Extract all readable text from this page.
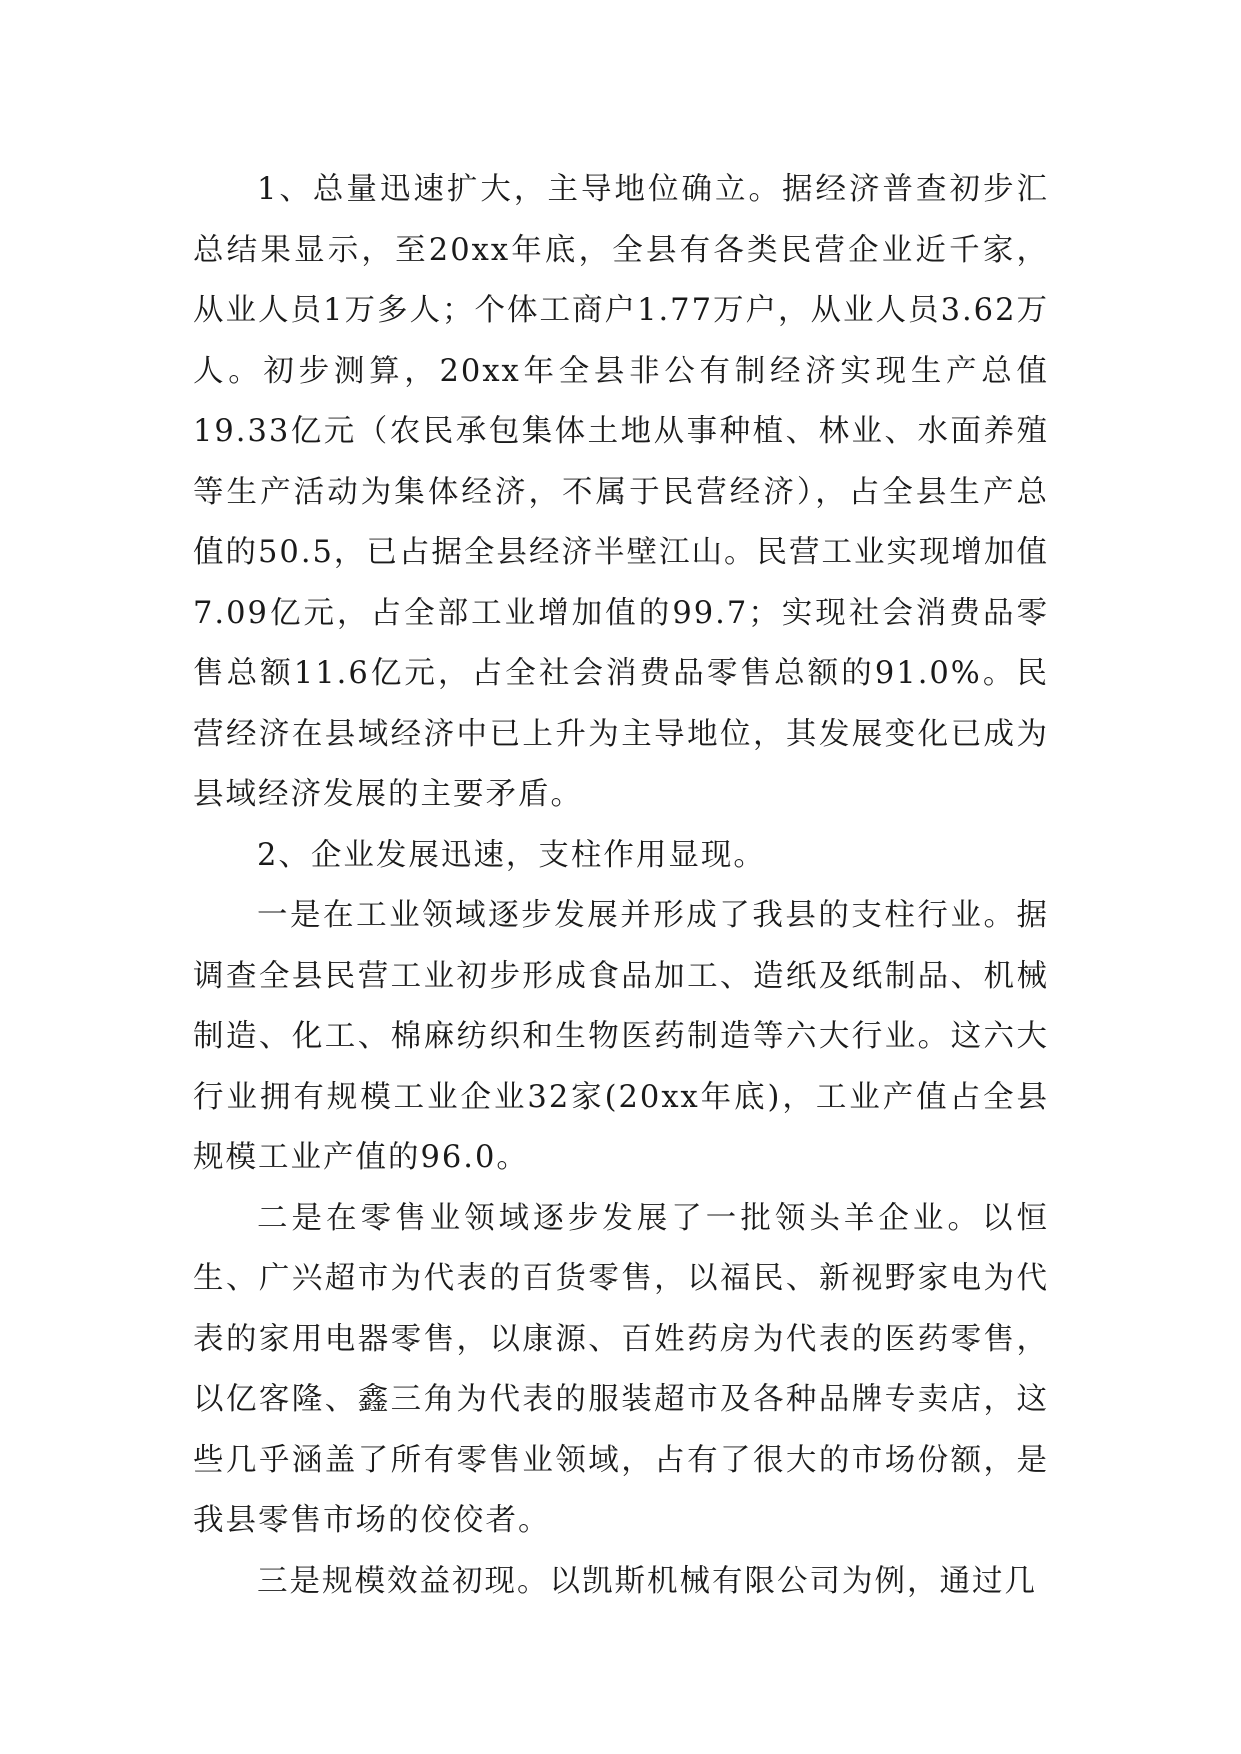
1、总量迅速扩大，主导地位确立。据经济普查初步汇总结果显示，至20xx年底，全县有各类民营企业近千家，从业人员1万多人；个体工商户1.77万户，从业人员3.62万人。初步测算，20xx年全县非公有制经济实现生产总值19.33亿元（农民承包集体土地从事种植、林业、水面养殖等生产活动为集体经济，不属于民营经济），占全县生产总值的50.5，已占据全县经济半壁江山。民营工业实现增加值7.09亿元，占全部工业增加值的99.7；实现社会消费品零售总额11.6亿元，占全社会消费品零售总额的91.0%。民营经济在县域经济中已上升为主导地位，其发展变化已成为县域经济发展的主要矛盾。

2、企业发展迅速，支柱作用显现。

一是在工业领域逐步发展并形成了我县的支柱行业。据调查全县民营工业初步形成食品加工、造纸及纸制品、机械制造、化工、棉麻纺织和生物医药制造等六大行业。这六大行业拥有规模工业企业32家(20xx年底)，工业产值占全县规模工业产值的96.0。

二是在零售业领域逐步发展了一批领头羊企业。以恒生、广兴超市为代表的百货零售，以福民、新视野家电为代表的家用电器零售，以康源、百姓药房为代表的医药零售，以亿客隆、鑫三角为代表的服装超市及各种品牌专卖店，这些几乎涵盖了所有零售业领域，占有了很大的市场份额，是我县零售市场的佼佼者。

三是规模效益初现。以凯斯机械有限公司为例，通过几
